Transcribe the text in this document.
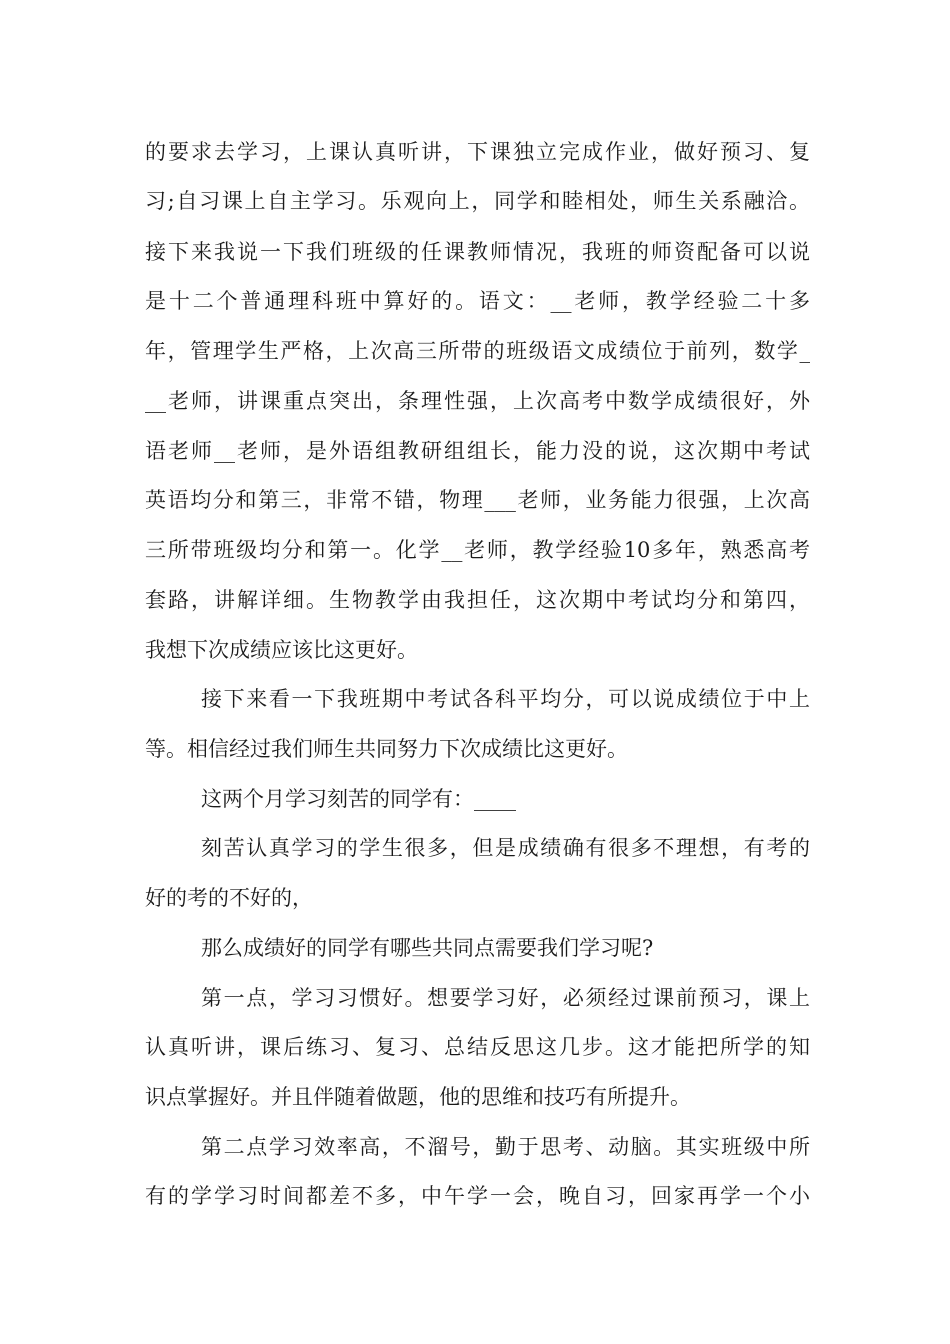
的要求去学习，上课认真听讲，下课独立完成作业，做好预习、复
习;自习课上自主学习。乐观向上，同学和睦相处，师生关系融洽。
接下来我说一下我们班级的任课教师情况，我班的师资配备可以说
是十二个普通理科班中算好的。语文：__老师，教学经验二十多
年，管理学生严格，上次高三所带的班级语文成绩位于前列，数学_
__老师，讲课重点突出，条理性强，上次高考中数学成绩很好，外
语老师__老师，是外语组教研组组长，能力没的说，这次期中考试
英语均分和第三，非常不错，物理___老师，业务能力很强，上次高
三所带班级均分和第一。化学__老师，教学经验10多年，熟悉高考
套路，讲解详细。生物教学由我担任，这次期中考试均分和第四，
我想下次成绩应该比这更好。
接下来看一下我班期中考试各科平均分，可以说成绩位于中上
等。相信经过我们师生共同努力下次成绩比这更好。
这两个月学习刻苦的同学有：____
刻苦认真学习的学生很多，但是成绩确有很多不理想，有考的
好的考的不好的，
那么成绩好的同学有哪些共同点需要我们学习呢?
第一点，学习习惯好。想要学习好，必须经过课前预习，课上
认真听讲，课后练习、复习、总结反思这几步。这才能把所学的知
识点掌握好。并且伴随着做题，他的思维和技巧有所提升。
第二点学习效率高，不溜号，勤于思考、动脑。其实班级中所
有的学学习时间都差不多，中午学一会，晚自习，回家再学一个小
